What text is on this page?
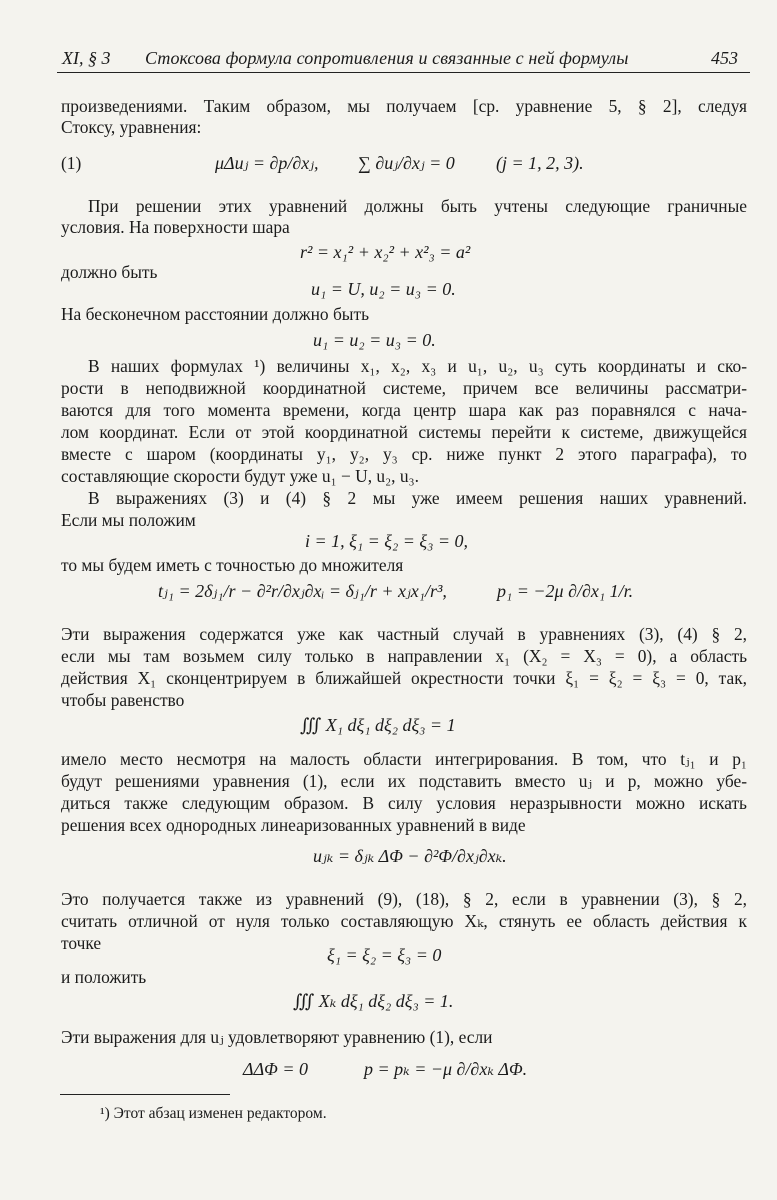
XI, § 3 Стоксова формула сопротивления и связанные с ней формулы	453
произведениями. Таким образом, мы получаем [ср. уравнение 5, § 2], следуя
Стоксу, уравнения:
(1)	μΔuⱼ = ∂p/∂xⱼ, ∑ ∂uⱼ/∂xⱼ = 0 (j = 1, 2, 3).
При решении этих уравнений должны быть учтены следующие граничные
условия. На поверхности шара
r² = x₁² + x₂² + x²₃ = a²
должно быть
u₁ = U, u₂ = u₃ = 0.
На бесконечном расстоянии должно быть
u₁ = u₂ = u₃ = 0.
В наших формулах ¹) величины x₁, x₂, x₃ и u₁, u₂, u₃ суть координаты и ско-
рости в неподвижной координатной системе, причем все величины рассматри-
ваются для того момента времени, когда центр шара как раз поравнялся с нача-
лом координат. Если от этой координатной системы перейти к системе, движущейся
вместе с шаром (координаты y₁, y₂, y₃ ср. ниже пункт 2 этого параграфа), то
составляющие скорости будут уже u₁ − U, u₂, u₃.
В выражениях (3) и (4) § 2 мы уже имеем решения наших уравнений.
Если мы положим
i = 1, ξ₁ = ξ₂ = ξ₃ = 0,
то мы будем иметь с точностью до множителя
tⱼ₁ = 2δⱼ₁/r − ∂²r/∂xⱼ∂xᵢ = δⱼ₁/r + xⱼx₁/r³,	p₁ = −2μ ∂/∂x₁ 1/r.
Эти выражения содержатся уже как частный случай в уравнениях (3), (4) § 2,
если мы там возьмем силу только в направлении x₁ (X₂ = X₃ = 0), а область
действия X₁ сконцентрируем в ближайшей окрестности точки ξ₁ = ξ₂ = ξ₃ = 0, так,
чтобы равенство
∭ X₁ dξ₁ dξ₂ dξ₃ = 1
имело место несмотря на малость области интегрирования. В том, что tⱼ₁ и p₁
будут решениями уравнения (1), если их подставить вместо uⱼ и p, можно убе-
диться также следующим образом. В силу условия неразрывности можно искать
решения всех однородных линеаризованных уравнений в виде
uⱼₖ = δⱼₖ ΔΦ − ∂²Φ/∂xⱼ∂xₖ.
Это получается также из уравнений (9), (18), § 2, если в уравнении (3), § 2,
считать отличной от нуля только составляющую Xₖ, стянуть ее область действия к
точке
ξ₁ = ξ₂ = ξ₃ = 0
и положить
∭ Xₖ dξ₁ dξ₂ dξ₃ = 1.
Эти выражения для uⱼ удовлетворяют уравнению (1), если
ΔΔΦ = 0	p = pₖ = −μ ∂/∂xₖ ΔΦ.
¹) Этот абзац изменен редактором.
